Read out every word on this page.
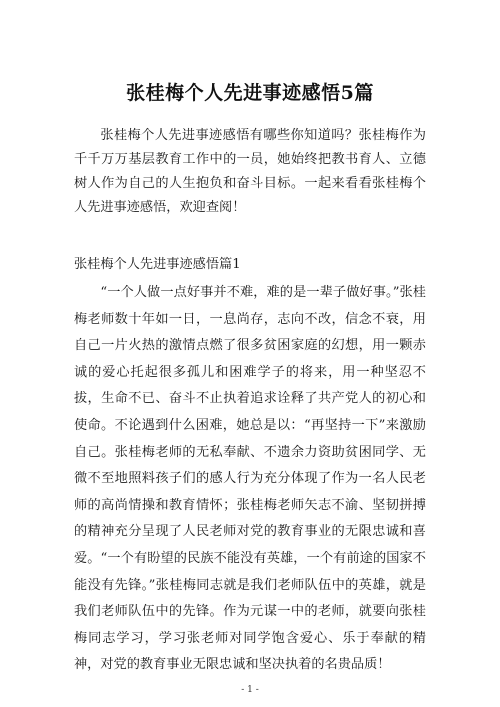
张桂梅个人先进事迹感悟5篇

张桂梅个人先进事迹感悟有哪些你知道吗？张桂梅作为千千万万基层教育工作中的一员，她始终把教书育人、立德树人作为自己的人生抱负和奋斗目标。一起来看看张桂梅个人先进事迹感悟，欢迎查阅！

张桂梅个人先进事迹感悟篇1

“一个人做一点好事并不难，难的是一辈子做好事。”张桂梅老师数十年如一日，一息尚存，志向不改，信念不衰，用自己一片火热的激情点燃了很多贫困家庭的幻想，用一颗赤诚的爱心托起很多孤儿和困难学子的将来，用一种坚忍不拔，生命不已、奋斗不止执着追求诠释了共产党人的初心和使命。不论遇到什么困难，她总是以：“再坚持一下”来激励自己。张桂梅老师的无私奉献、不遗余力资助贫困同学、无微不至地照料孩子们的感人行为充分体现了作为一名人民老师的高尚情操和教育情怀；张桂梅老师矢志不渝、坚韧拼搏的精神充分呈现了人民老师对党的教育事业的无限忠诚和喜爱。“一个有盼望的民族不能没有英雄，一个有前途的国家不能没有先锋。”张桂梅同志就是我们老师队伍中的英雄，就是我们老师队伍中的先锋。作为元谋一中的老师，就要向张桂梅同志学习，学习张老师对同学饱含爱心、乐于奉献的精神，对党的教育事业无限忠诚和坚决执着的名贵品质！

- 1 -
